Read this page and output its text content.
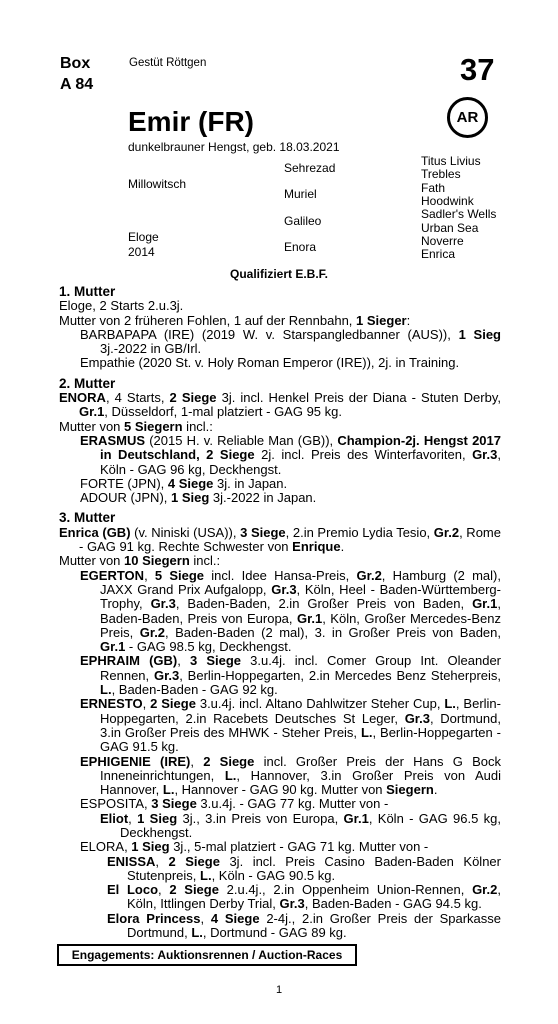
Box
A 84
Gestüt Röttgen	37
AR
Emir (FR)
dunkelbrauner Hengst, geb. 18.03.2021
Millowitsch
Eloge
2014
Sehrezad
Muriel
Galileo
Enora
Titus Livius
Trebles
Fath
Hoodwink
Sadler's Wells
Urban Sea
Noverre
Enrica
Qualifiziert E.B.F.
1. Mutter
Eloge, 2 Starts 2.u.3j.
Mutter von 2 früheren Fohlen, 1 auf der Rennbahn, 1 Sieger:
BARBAPAPA (IRE) (2019 W. v. Starspangledbanner (AUS)), 1 Sieg 3j.-2022 in GB/Irl.
Empathie (2020 St. v. Holy Roman Emperor (IRE)), 2j. in Training.
2. Mutter
ENORA, 4 Starts, 2 Siege 3j. incl. Henkel Preis der Diana - Stuten Derby, Gr.1, Düsseldorf, 1-mal platziert - GAG 95 kg.
Mutter von 5 Siegern incl.:
ERASMUS (2015 H. v. Reliable Man (GB)), Champion-2j. Hengst 2017 in Deutschland, 2 Siege 2j. incl. Preis des Winterfavoriten, Gr.3, Köln - GAG 96 kg, Deckhengst.
FORTE (JPN), 4 Siege 3j. in Japan.
ADOUR (JPN), 1 Sieg 3j.-2022 in Japan.
3. Mutter
Enrica (GB) (v. Niniski (USA)), 3 Siege, 2.in Premio Lydia Tesio, Gr.2, Rome - GAG 91 kg. Rechte Schwester von Enrique.
Mutter von 10 Siegern incl.:
EGERTON, 5 Siege incl. Idee Hansa-Preis, Gr.2, Hamburg (2 mal), JAXX Grand Prix Aufgalopp, Gr.3, Köln, Heel - Baden-Württemberg-Trophy, Gr.3, Baden-Baden, 2.in Großer Preis von Baden, Gr.1, Baden-Baden, Preis von Europa, Gr.1, Köln, Großer Mercedes-Benz Preis, Gr.2, Baden-Baden (2 mal), 3. in Großer Preis von Baden, Gr.1 - GAG 98.5 kg, Deckhengst.
EPHRAIM (GB), 3 Siege 3.u.4j. incl. Comer Group Int. Oleander Rennen, Gr.3, Berlin-Hoppegarten, 2.in Mercedes Benz Steherpreis, L., Baden-Baden - GAG 92 kg.
ERNESTO, 2 Siege 3.u.4j. incl. Altano Dahlwitzer Steher Cup, L., Berlin-Hoppegarten, 2.in Racebets Deutsches St Leger, Gr.3, Dortmund, 3.in Großer Preis des MHWK - Steher Preis, L., Berlin-Hoppegarten - GAG 91.5 kg.
EPHIGENIE (IRE), 2 Siege incl. Großer Preis der Hans G Bock Inneneinrichtungen, L., Hannover, 3.in Großer Preis von Audi Hannover, L., Hannover - GAG 90 kg. Mutter von Siegern.
ESPOSITA, 3 Siege 3.u.4j. - GAG 77 kg. Mutter von -
Eliot, 1 Sieg 3j., 3.in Preis von Europa, Gr.1, Köln - GAG 96.5 kg, Deckhengst.
ELORA, 1 Sieg 3j., 5-mal platziert - GAG 71 kg. Mutter von -
ENISSA, 2 Siege 3j. incl. Preis Casino Baden-Baden Kölner Stutenpreis, L., Köln - GAG 90.5 kg.
El Loco, 2 Siege 2.u.4j., 2.in Oppenheim Union-Rennen, Gr.2, Köln, Ittlingen Derby Trial, Gr.3, Baden-Baden - GAG 94.5 kg.
Elora Princess, 4 Siege 2-4j., 2.in Großer Preis der Sparkasse Dortmund, L., Dortmund - GAG 89 kg.
Engagements: Auktionsrennen / Auction-Races
1
